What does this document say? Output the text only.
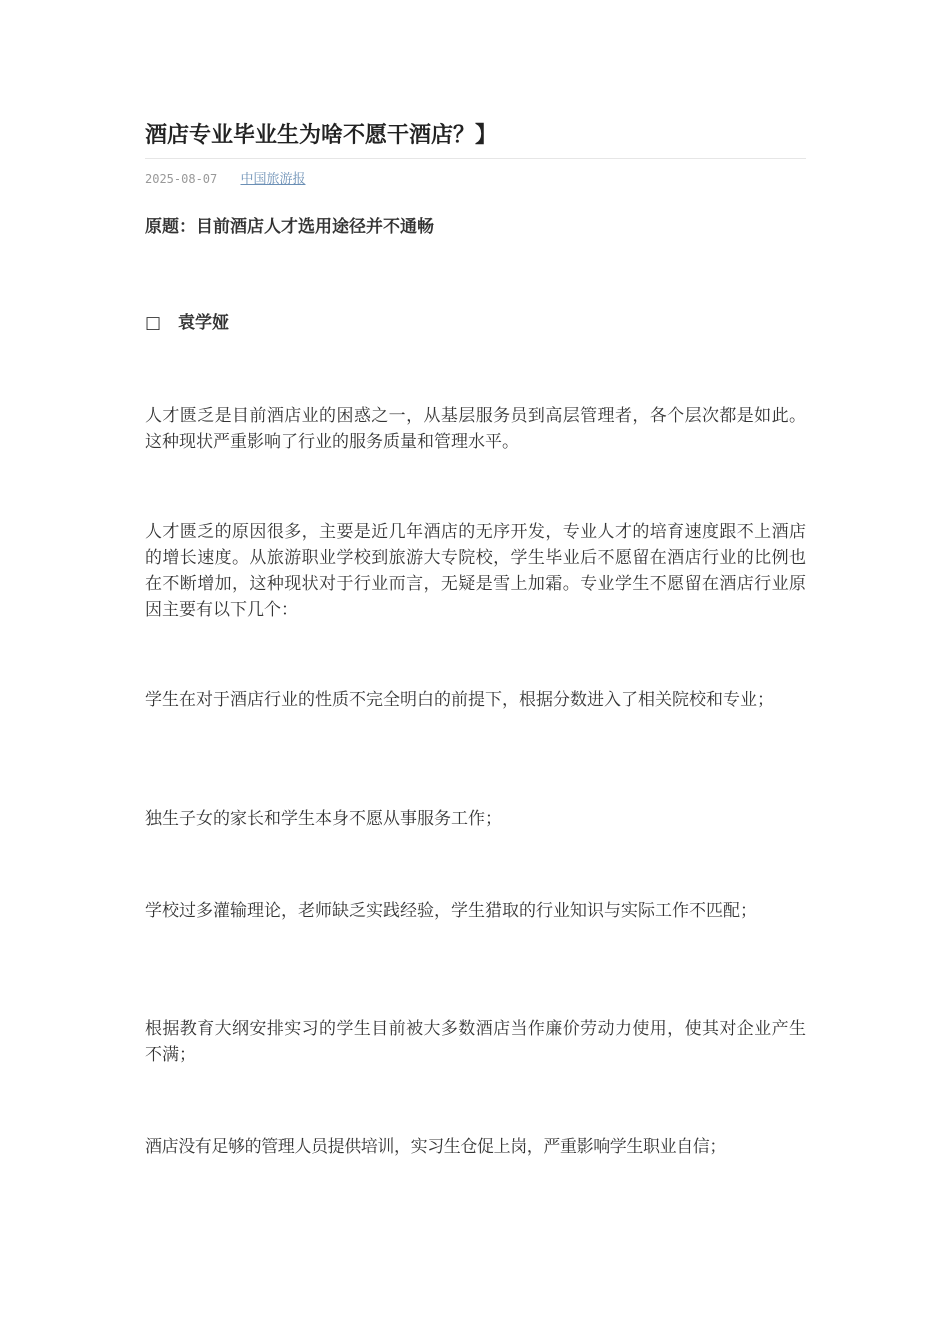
酒店专业毕业生为啥不愿干酒店？】
2025-08-07 中国旅游报
原题：目前酒店人才选用途径并不通畅
□　袁学娅

人才匮乏是目前酒店业的困惑之一，从基层服务员到高层管理者，各个层次都是如此。这种现状严重影响了行业的服务质量和管理水平。

人才匮乏的原因很多，主要是近几年酒店的无序开发，专业人才的培育速度跟不上酒店的增长速度。从旅游职业学校到旅游大专院校，学生毕业后不愿留在酒店行业的比例也在不断增加，这种现状对于行业而言，无疑是雪上加霜。专业学生不愿留在酒店行业原因主要有以下几个：

学生在对于酒店行业的性质不完全明白的前提下，根据分数进入了相关院校和专业；

独生子女的家长和学生本身不愿从事服务工作；

学校过多灌输理论，老师缺乏实践经验，学生猎取的行业知识与实际工作不匹配；

根据教育大纲安排实习的学生目前被大多数酒店当作廉价劳动力使用，使其对企业产生不满；

酒店没有足够的管理人员提供培训，实习生仓促上岗，严重影响学生职业自信；
